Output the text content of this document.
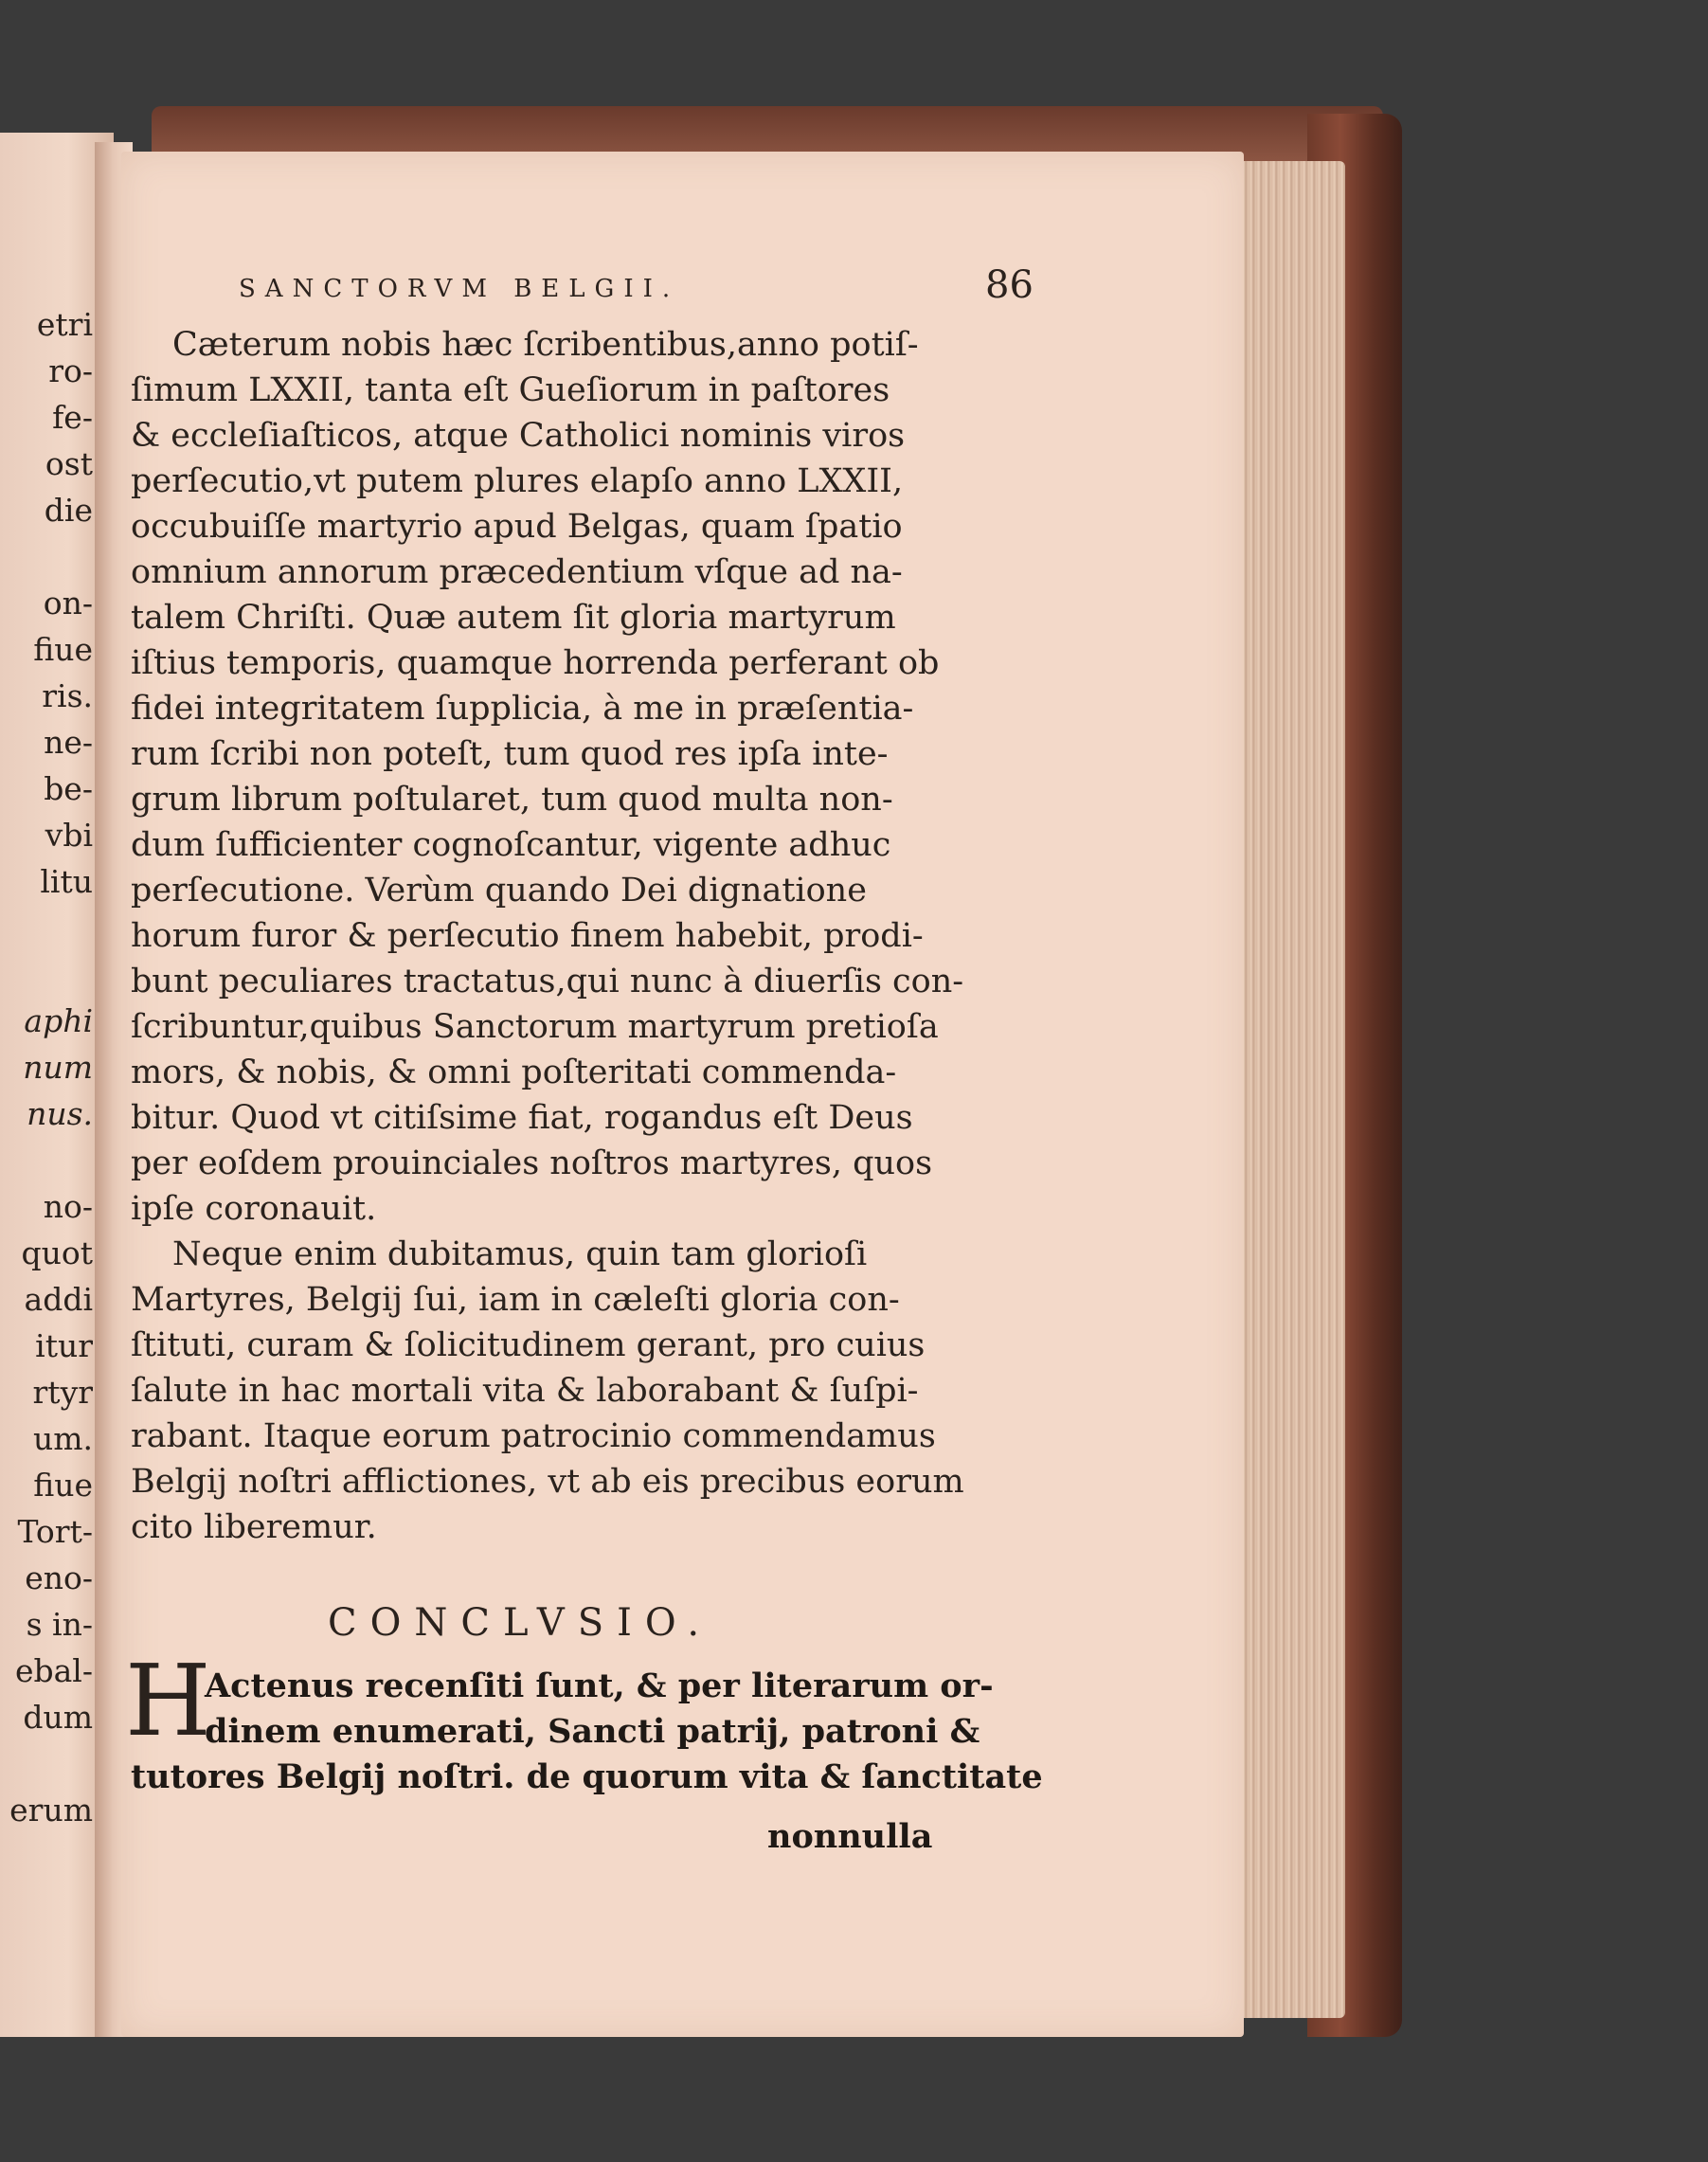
etri
ro-
fe-
ost
die

on-
fiue
ris.
ne-
be-
vbi
litu

aphi
num
nus.

no-
quot
addi
itur
rtyr
um.
fiue
Tort-
eno-
s in-
ebal-
dum

erum
SANCTORVM BELGII.	86
Cæterum nobis hæc ſcribentibus,anno potiſ-
ſimum LXXII, tanta eſt Gueſiorum in paſtores
& eccleſiaſticos, atque Catholici nominis viros
perſecutio,vt putem plures elapſo anno LXXII,
occubuiſſe martyrio apud Belgas, quam ſpatio
omnium annorum præcedentium vſque ad na-
talem Chriſti. Quæ autem ſit gloria martyrum
iſtius temporis, quamque horrenda perferant ob
fidei integritatem ſupplicia, à me in præſentia-
rum ſcribi non poteſt, tum quod res ipſa inte-
grum librum poſtularet, tum quod multa non-
dum ſufficienter cognoſcantur, vigente adhuc
perſecutione. Verùm quando Dei dignatione
horum furor & perſecutio finem habebit, prodi-
bunt peculiares tractatus,qui nunc à diuerſis con-
ſcribuntur,quibus Sanctorum martyrum pretioſa
mors, & nobis, & omni poſteritati commenda-
bitur. Quod vt citiſsime fiat, rogandus eſt Deus
per eoſdem prouinciales noſtros martyres, quos
ipſe coronauit.
Neque enim dubitamus, quin tam glorioſi
Martyres, Belgij ſui, iam in cæleſti gloria con-
ſtituti, curam & ſolicitudinem gerant, pro cuius
ſalute in hac mortali vita & laborabant & ſuſpi-
rabant. Itaque eorum patrocinio commendamus
Belgij noſtri afflictiones, vt ab eis precibus eorum
cito liberemur.
CONCLVSIO.
H
Actenus recenſiti ſunt, & per literarum or-
dinem enumerati, Sancti patrij, patroni &
tutores Belgij noſtri. de quorum vita & ſanctitate
nonnulla
